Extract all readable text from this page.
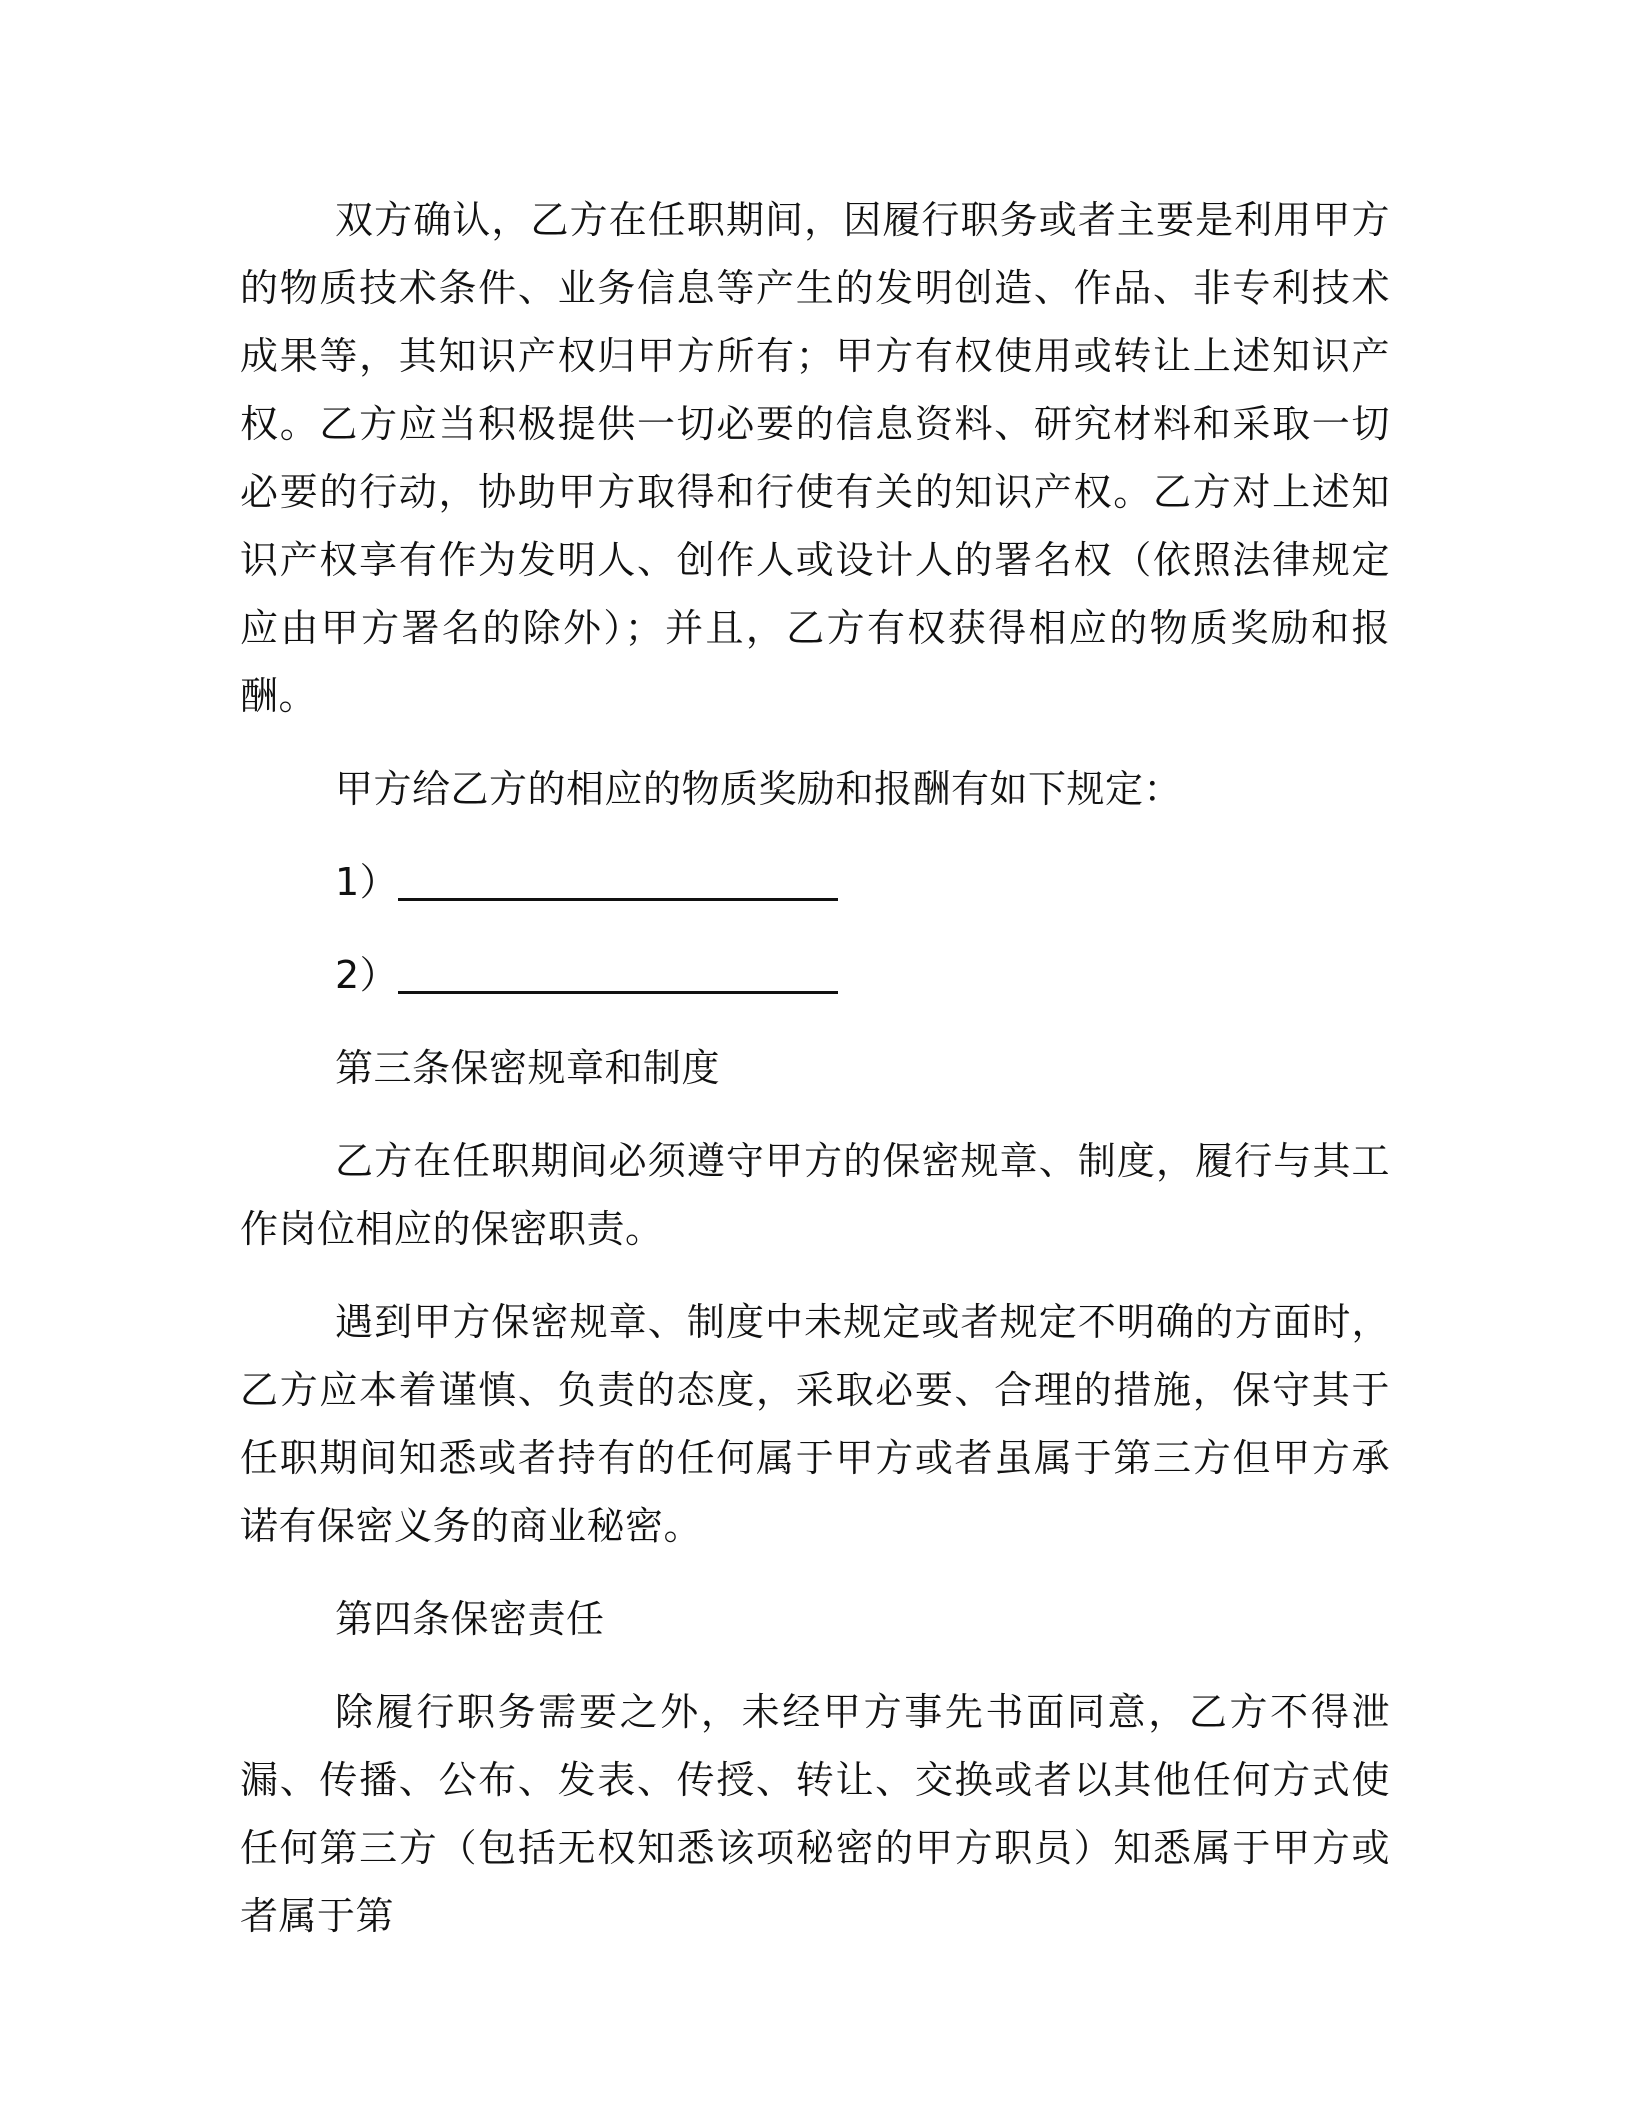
双方确认，乙方在任职期间，因履行职务或者主要是利用甲方的物质技术条件、业务信息等产生的发明创造、作品、非专利技术成果等，其知识产权归甲方所有；甲方有权使用或转让上述知识产权。乙方应当积极提供一切必要的信息资料、研究材料和采取一切必要的行动，协助甲方取得和行使有关的知识产权。乙方对上述知识产权享有作为发明人、创作人或设计人的署名权（依照法律规定应由甲方署名的除外）；并且，乙方有权获得相应的物质奖励和报酬。

甲方给乙方的相应的物质奖励和报酬有如下规定：

1）

2）

第三条保密规章和制度

乙方在任职期间必须遵守甲方的保密规章、制度，履行与其工作岗位相应的保密职责。

遇到甲方保密规章、制度中未规定或者规定不明确的方面时，乙方应本着谨慎、负责的态度，采取必要、合理的措施，保守其于任职期间知悉或者持有的任何属于甲方或者虽属于第三方但甲方承诺有保密义务的商业秘密。

第四条保密责任

除履行职务需要之外，未经甲方事先书面同意，乙方不得泄漏、传播、公布、发表、传授、转让、交换或者以其他任何方式使任何第三方（包括无权知悉该项秘密的甲方职员）知悉属于甲方或者属于第
